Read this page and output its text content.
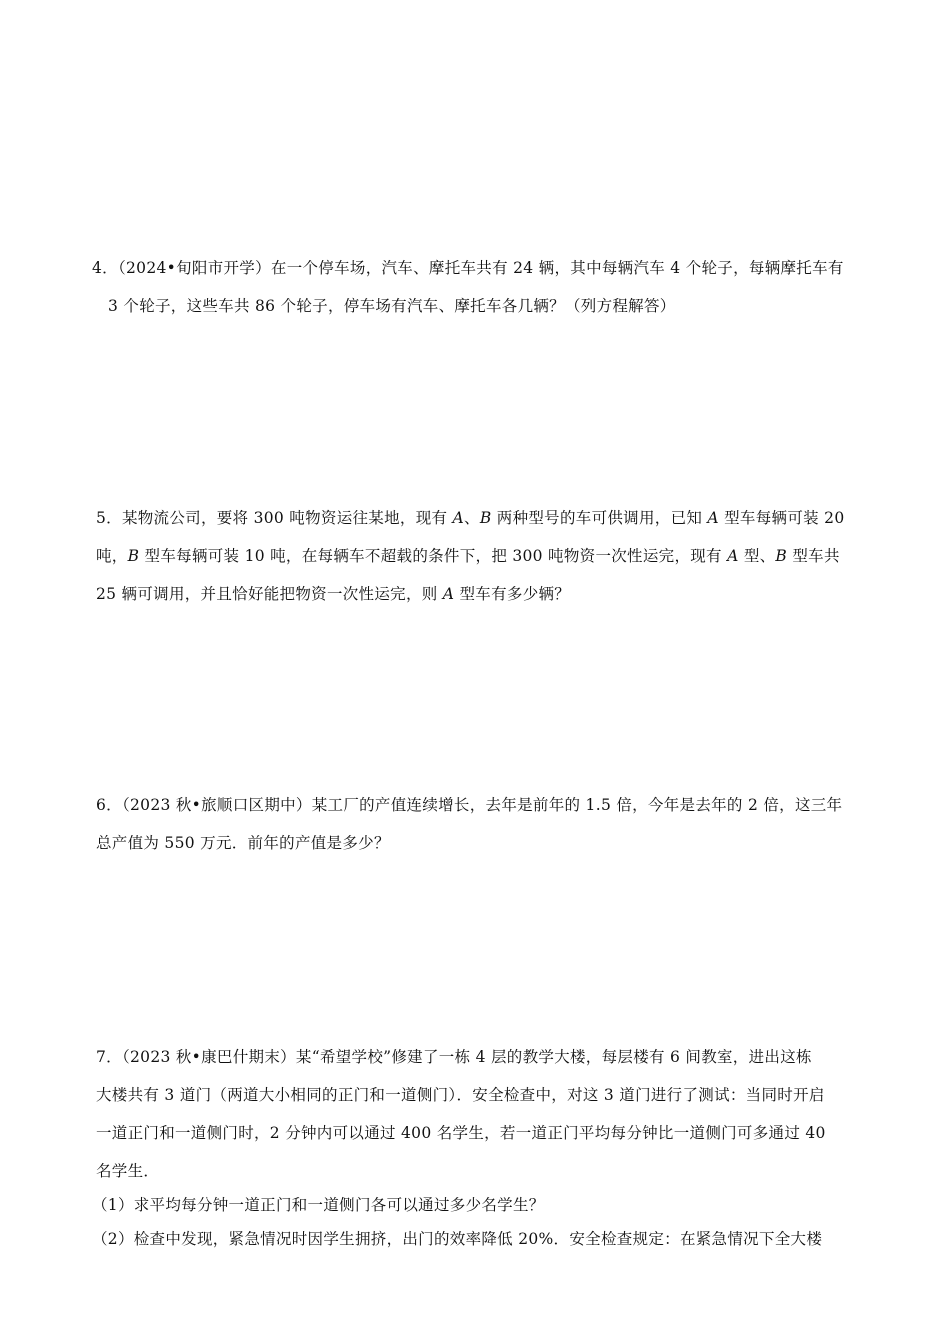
4．（2024•旬阳市开学）在一个停车场，汽车、摩托车共有 24 辆，其中每辆汽车 4 个轮子，每辆摩托车有
3 个轮子，这些车共 86 个轮子，停车场有汽车、摩托车各几辆？（列方程解答）
5．某物流公司，要将 300 吨物资运往某地，现有 A、B 两种型号的车可供调用，已知 A 型车每辆可装 20
吨，B 型车每辆可装 10 吨，在每辆车不超载的条件下，把 300 吨物资一次性运完，现有 A 型、B 型车共
25 辆可调用，并且恰好能把物资一次性运完，则 A 型车有多少辆？
6．（2023 秋•旅顺口区期中）某工厂的产值连续增长，去年是前年的 1.5 倍，今年是去年的 2 倍，这三年
总产值为 550 万元．前年的产值是多少？
7．（2023 秋•康巴什期末）某“希望学校”修建了一栋 4 层的教学大楼，每层楼有 6 间教室，进出这栋
大楼共有 3 道门（两道大小相同的正门和一道侧门）．安全检查中，对这 3 道门进行了测试：当同时开启
一道正门和一道侧门时，2 分钟内可以通过 400 名学生，若一道正门平均每分钟比一道侧门可多通过 40
名学生．
（1）求平均每分钟一道正门和一道侧门各可以通过多少名学生？
（2）检查中发现，紧急情况时因学生拥挤，出门的效率降低 20%．安全检查规定：在紧急情况下全大楼
